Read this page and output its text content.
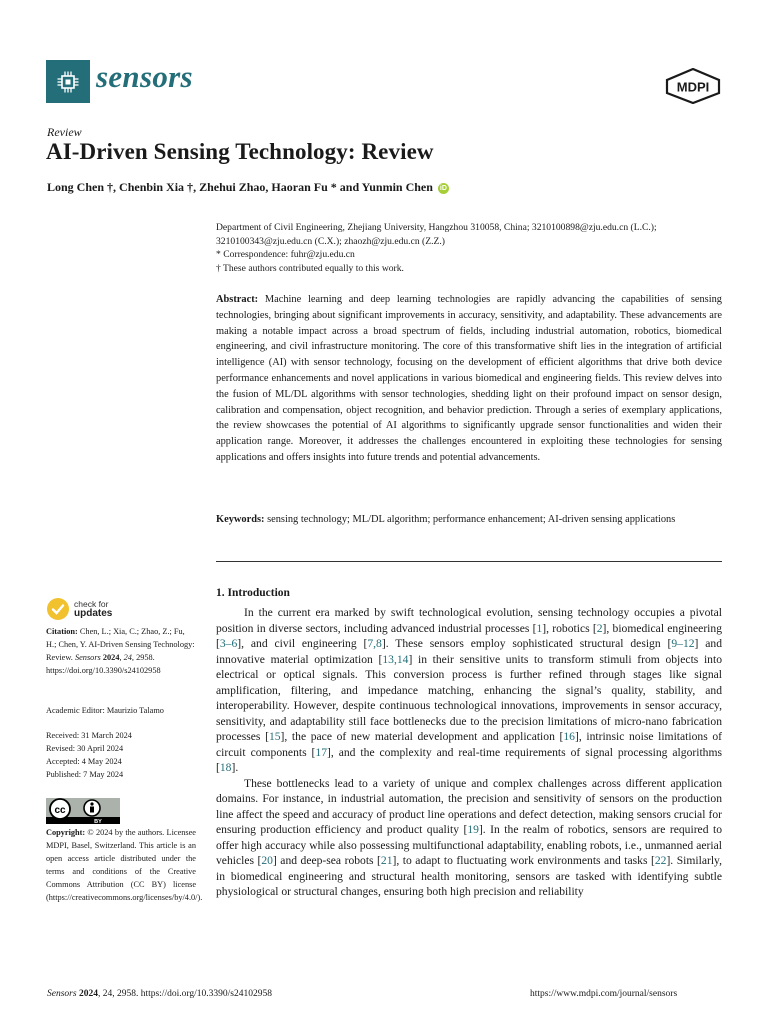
sensors	MDPI
Review
AI-Driven Sensing Technology: Review
Long Chen †, Chenbin Xia †, Zhehui Zhao, Haoran Fu * and Yunmin Chen iD

Department of Civil Engineering, Zhejiang University, Hangzhou 310058, China; 3210100898@zju.edu.cn (L.C.); 3210100343@zju.edu.cn (C.X.); zhaozh@zju.edu.cn (Z.Z.)

* Correspondence: fuhr@zju.edu.cn

† These authors contributed equally to this work.

Abstract: Machine learning and deep learning technologies are rapidly advancing the capabilities of sensing technologies, bringing about significant improvements in accuracy, sensitivity, and adaptability. These advancements are making a notable impact across a broad spectrum of fields, including industrial automation, robotics, biomedical engineering, and civil infrastructure monitoring. The core of this transformative shift lies in the integration of artificial intelligence (AI) with sensor technology, focusing on the development of efficient algorithms that drive both device performance enhancements and novel applications in various biomedical and engineering fields. This review delves into the fusion of ML/DL algorithms with sensor technologies, shedding light on their profound impact on sensor design, calibration and compensation, object recognition, and behavior prediction. Through a series of exemplary applications, the review showcases the potential of AI algorithms to significantly upgrade sensor functionalities and widen their application range. Moreover, it addresses the challenges encountered in exploiting these technologies for sensing applications and offers insights into future trends and potential advancements.
Keywords: sensing technology; ML/DL algorithm; performance enhancement; AI-driven sensing applications
1. Introduction

In the current era marked by swift technological evolution, sensing technology occupies a pivotal position in diverse sectors, including advanced industrial processes [1], robotics [2], biomedical engineering [3–6], and civil engineering [7,8]. These sensors employ sophisticated structural design [9–12] and innovative material optimization [13,14] in their sensitive units to transform stimuli from objects into electrical or optical signals. This conversion process is further refined through stages like signal amplification, filtering, and impedance matching, enhancing the signal’s quality, stability, and interoperability. However, despite continuous technological innovations, improvements in sensor accuracy, sensitivity, and adaptability still face bottlenecks due to the precision limitations of micro-nano fabrication processes [15], the pace of new material development and application [16], intrinsic noise limitations of circuit components [17], and the complexity and real-time requirements of signal processing algorithms [18].

These bottlenecks lead to a variety of unique and complex challenges across different application domains. For instance, in industrial automation, the precision and sensitivity of sensors on the production line affect the speed and accuracy of product line operations and defect detection, making sensors crucial for ensuring production efficiency and product quality [19]. In the realm of robotics, sensors are required to offer high accuracy while also possessing multifunctional adaptability, enabling robots, i.e., unmanned aerial vehicles [20] and deep-sea robots [21], to adapt to fluctuating work environments and tasks [22]. Similarly, in biomedical engineering and structural health monitoring, sensors are tasked with identifying subtle physiological or structural changes, ensuring both high precision and reliability

check for
updates

Citation: Chen, L.; Xia, C.; Zhao, Z.; Fu, H.; Chen, Y. AI-Driven Sensing Technology: Review. Sensors 2024, 24, 2958. https://doi.org/10.3390/s24102958

Academic Editor: Maurizio Talamo

Received: 31 March 2024

Revised: 30 April 2024

Accepted: 4 May 2024

Published: 7 May 2024

cc
BY

Copyright: © 2024 by the authors. Licensee MDPI, Basel, Switzerland. This article is an open access article distributed under the terms and conditions of the Creative Commons Attribution (CC BY) license (https://creativecommons.org/licenses/by/4.0/).

Sensors 2024, 24, 2958. https://doi.org/10.3390/s24102958	https://www.mdpi.com/journal/sensors
